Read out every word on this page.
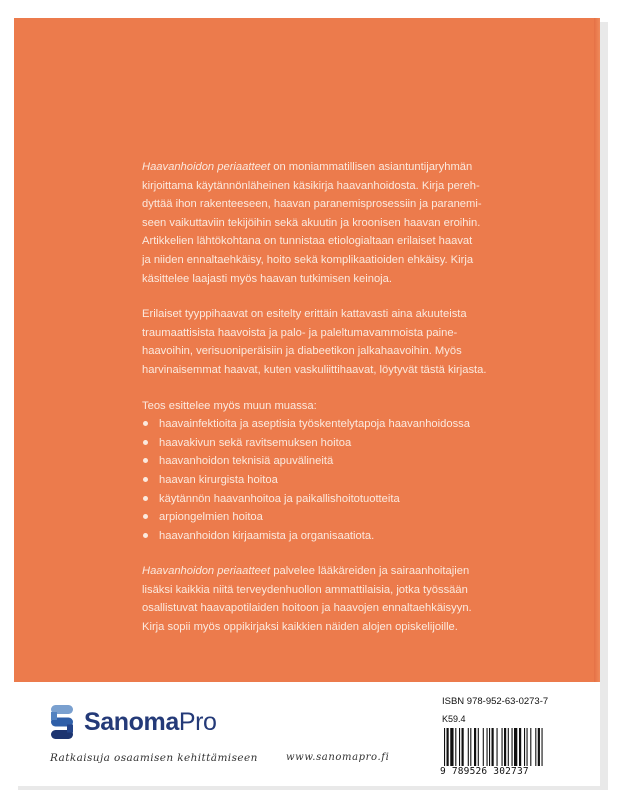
Haavanhoidon periaatteet on moniammatillisen asiantuntijaryhmän

kirjoittama käytännönläheinen käsikirja haavanhoidosta. Kirja pereh-

dyttää ihon rakenteeseen, haavan paranemisprosessiin ja paranemi-

seen vaikuttaviin tekijöihin sekä akuutin ja kroonisen haavan eroihin.

Artikkelien lähtökohtana on tunnistaa etiologialtaan erilaiset haavat

ja niiden ennaltaehkäisy, hoito sekä komplikaatioiden ehkäisy. Kirja

käsittelee laajasti myös haavan tutkimisen keinoja.

Erilaiset tyyppihaavat on esitelty erittäin kattavasti aina akuuteista

traumaattisista haavoista ja palo- ja paleltumavammoista paine-

haavoihin, verisuoniperäisiin ja diabeetikon jalkahaavoihin. Myös

harvinaisemmat haavat, kuten vaskuliittihaavat, löytyvät tästä kirjasta.

Teos esittelee myös muun muassa:

haavainfektioita ja aseptisia työskentelytapoja haavanhoidossa
haavakivun sekä ravitsemuksen hoitoa
haavanhoidon teknisiä apuvälineitä
haavan kirurgista hoitoa
käytännön haavanhoitoa ja paikallishoitotuotteita
arpiongelmien hoitoa
haavanhoidon kirjaamista ja organisaatiota.

Haavanhoidon periaatteet palvelee lääkäreiden ja sairaanhoitajien

lisäksi kaikkia niitä terveydenhuollon ammattilaisia, jotka työssään

osallistuvat haavapotilaiden hoitoon ja haavojen ennaltaehkäisyyn.

Kirja sopii myös oppikirjaksi kaikkien näiden alojen opiskelijoille.

SanomaPro
Ratkaisuja osaamisen kehittämiseen	www.sanomapro.fi
ISBN 978-952-63-0273-7
K59.4
9 789526 302737
